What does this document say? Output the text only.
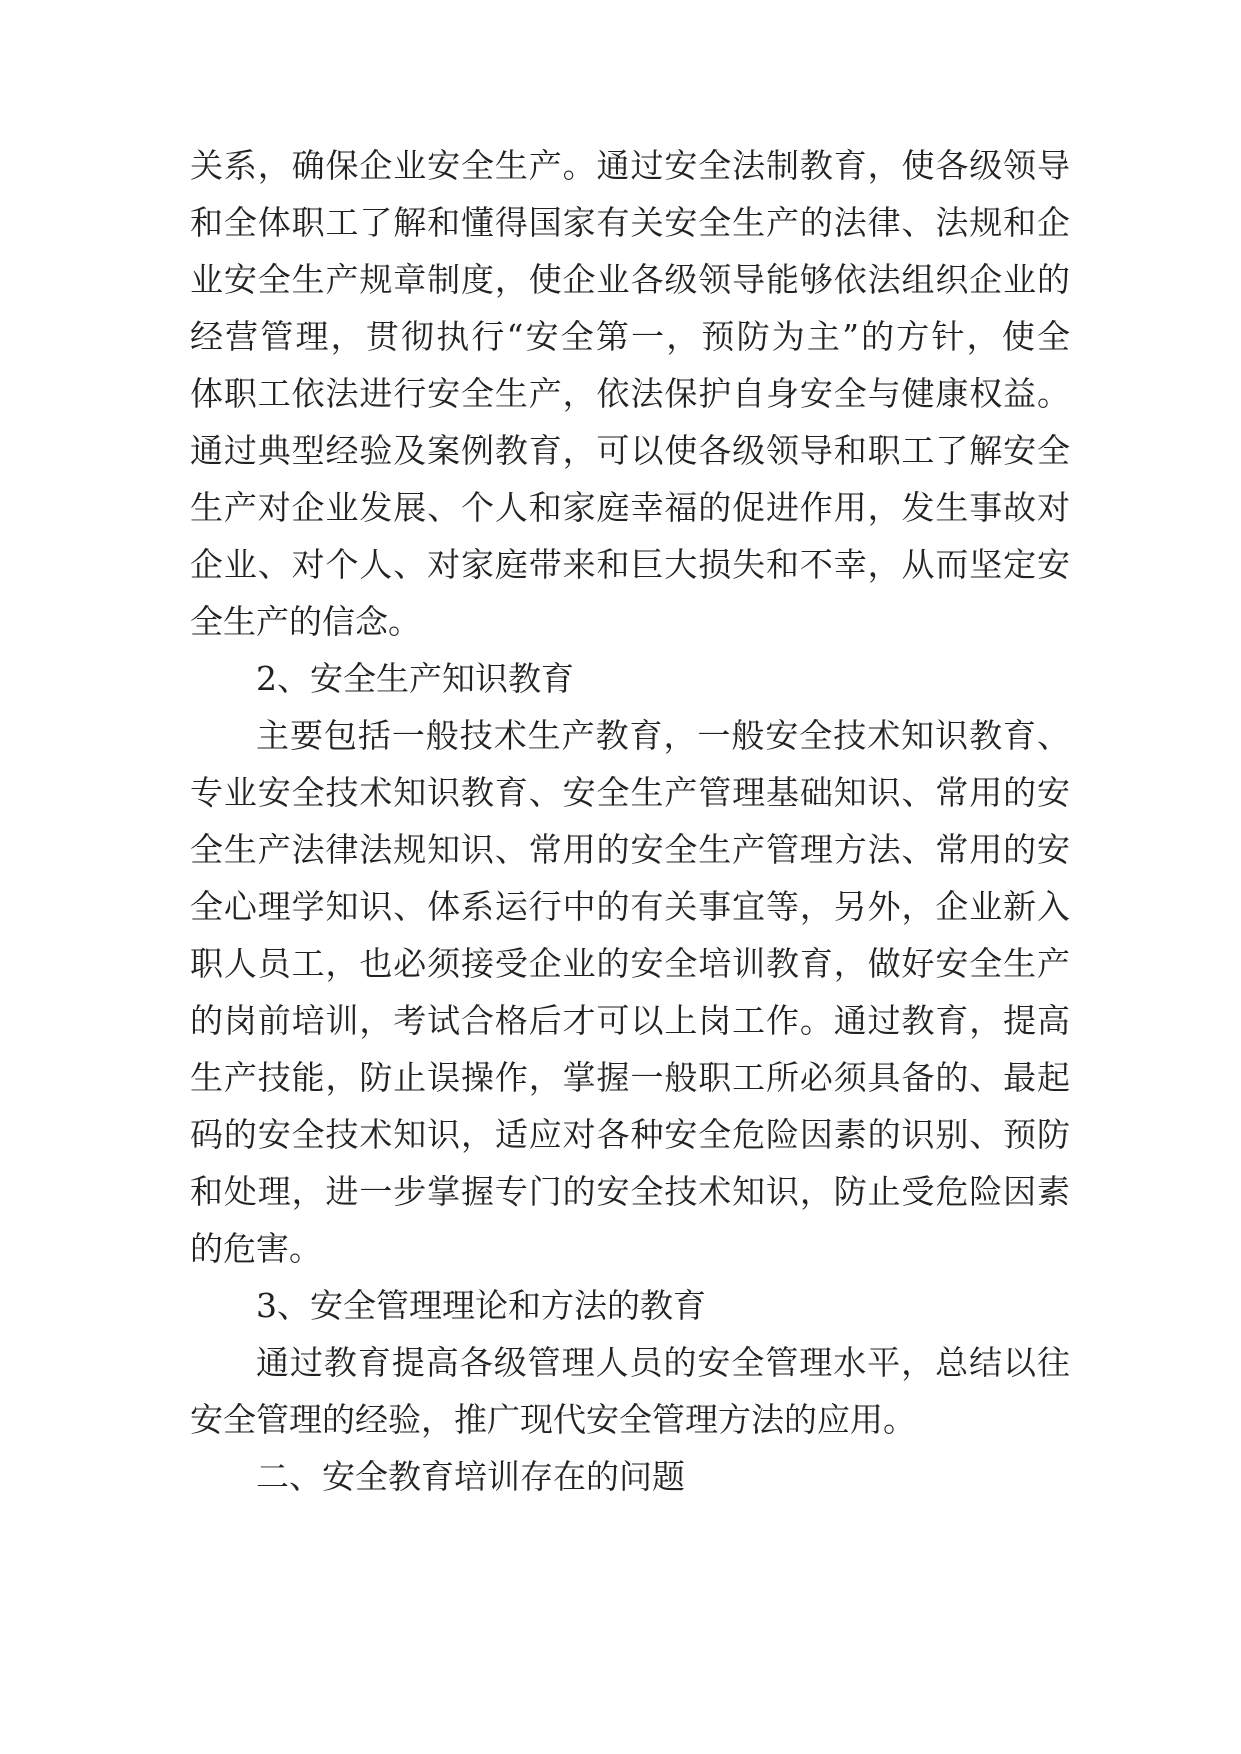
关系，确保企业安全生产。通过安全法制教育，使各级领导
和全体职工了解和懂得国家有关安全生产的法律、法规和企
业安全生产规章制度，使企业各级领导能够依法组织企业的
经营管理，贯彻执行“安全第一，预防为主”的方针，使全
体职工依法进行安全生产，依法保护自身安全与健康权益。
通过典型经验及案例教育，可以使各级领导和职工了解安全
生产对企业发展、个人和家庭幸福的促进作用，发生事故对
企业、对个人、对家庭带来和巨大损失和不幸，从而坚定安
全生产的信念。
2、安全生产知识教育
主要包括一般技术生产教育，一般安全技术知识教育、
专业安全技术知识教育、安全生产管理基础知识、常用的安
全生产法律法规知识、常用的安全生产管理方法、常用的安
全心理学知识、体系运行中的有关事宜等，另外，企业新入
职人员工，也必须接受企业的安全培训教育，做好安全生产
的岗前培训，考试合格后才可以上岗工作。通过教育，提高
生产技能，防止误操作，掌握一般职工所必须具备的、最起
码的安全技术知识，适应对各种安全危险因素的识别、预防
和处理，进一步掌握专门的安全技术知识，防止受危险因素
的危害。
3、安全管理理论和方法的教育
通过教育提高各级管理人员的安全管理水平，总结以往
安全管理的经验，推广现代安全管理方法的应用。
二、安全教育培训存在的问题
